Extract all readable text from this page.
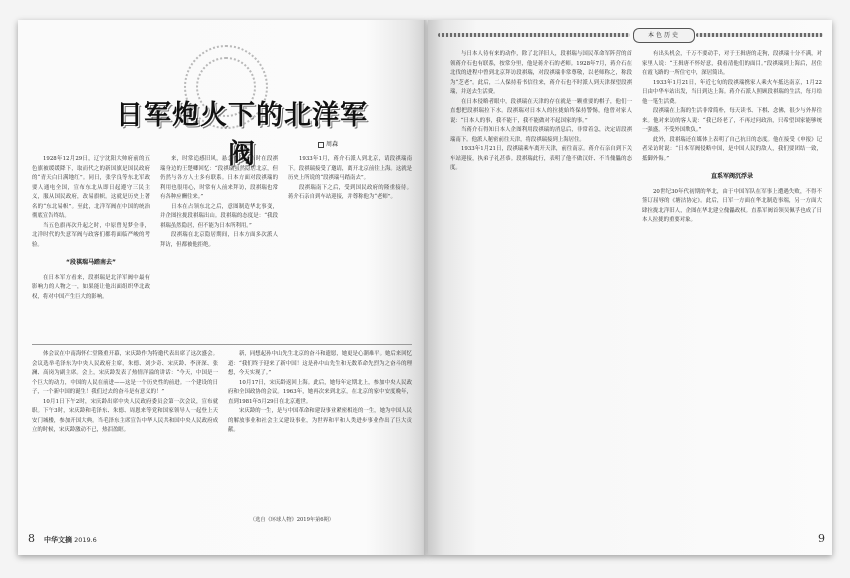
日军炮火下的北洋军阀	周森

1928年12月29日，辽宁沈阳大帅府前的五色旗被缓缓降下，取而代之的新国旗是国民政府的“青天白日满地红”。同日，张学良等东北军政要人通电全国，宣布东北从即日起遵守三民主义，服从国民政府，改易旗帜。这就是历史上著名的“东北易帜”。至此，北洋军阀在中国的统治彻底宣告终结。

当五色旗再次升起之时，中原曾见梦全非，北洋时代的失意军阀与政客们都将面临严峻的考验。

“段祺瑞马踏南去”

在日本军方看来，段祺瑞是北洋军阀中最有影响力的人物之一，如果能让他出面组织华北政权，将对中国产生巨大的影响。

来，时常追感旧风，悬念往昔。当时在段祺瑞身边的王楚卿回忆：“段祺瑞虽然隐居北京，但仍然与各方人士多有联系。日本方面对段祺瑞的利用也很用心，时常有人前来拜访，段祺瑞也常有各种应酬往来。”

日本在占领东北之后，意图制造华北事变，并企图拉拢段祺瑞出山。段祺瑞的态度是：“我段祺瑞虽然隐居，但不能为日本所利用。”

段祺瑞在北京隐居期间，日本方面多次派人拜访，但都被他拒绝。

1933年1月，蒋介石派人到北京，请段祺瑞南下。段祺瑞接受了邀请，离开北京前往上海。这就是历史上所说的“段祺瑞马踏南去”。

段祺瑞南下之后，受到国民政府的隆重接待。蒋介石亲自到车站迎接，并尊称他为“老师”。

体会议在中南海怀仁堂隆重开幕，宋庆龄作为特邀代表出席了这次盛会。会议选举毛泽东为中央人民政府主席，朱德、刘少奇、宋庆龄、李济深、张澜、高岗为副主席。会上，宋庆龄发表了热情洋溢的讲话：“今天，中国是一个巨大的动力，中国的人民在前进——这是一个历史性的前进。一个建设的日子，一个新中国的诞生！我们过去的奋斗是有意义的！”

10月1日下午2时，宋庆龄出席中央人民政府委员会第一次会议，宣布就职。下午3时，宋庆龄和毛泽东、朱德、周恩来等党和国家领导人一起登上天安门城楼，参加开国大典。当毛泽东主席宣告中华人民共和国中央人民政府成立的时候，宋庆龄激动不已，热泪盈眶。

新，同想起孙中山先生北京的奋斗和遗愿，她更是心潮难平。她后来回忆道：“我们终于迎来了新中国！这是孙中山先生和无数革命先烈为之奋斗的理想，今天实现了。”

10月17日，宋庆龄返回上海。此后，她每年定期北上，参加中央人民政府和全国政协的会议。1963年，她再次来到北京，在北京的家中安度晚年，直到1981年5月29日在北京逝世。

宋庆龄的一生，是与中国革命和建设事业紧密相连的一生，她为中国人民的解放事业和社会主义建设事业，为世界和平和人类进步事业作出了巨大贡献。

（选自《环球人物》2019年第6期）
8 中华文摘 2019.6
本色历史

与日本人待有来的动作，除了北洋旧人，段祺瑞与国民革命军阵营的首领蒋介石也有联系，按常分里，他是蒋介石的老师。1928年7月，蒋介石在北伐的进程中曾到北京拜访段祺瑞，对段祺瑞非常尊敬，以老师称之，称段为“芝老”。此后，二人保持着书信往来，蒋介石也不时派人到天津探望段祺瑞，并送去生活费。

在日本侵略者眼中，段祺瑞在天津的存在就是一颗重要的棋子，他们一直想把段祺瑞拉下水。段祺瑞对日本人的拉拢始终保持警惕，他曾对家人说：“日本人的事，我不能干，我不能做对不起国家的事。”

当蒋介石得知日本人企图利用段祺瑞的消息后，非常着急，决定请段祺瑞南下。他派人秘密前往天津，将段祺瑞接到上海居住。

1933年1月21日，段祺瑞乘车离开天津，前往南京。蒋介石亲自到下关车站迎接，执弟子礼甚恭。段祺瑞此行，表明了他不做汉奸、不当傀儡的态度。

有出头机会，千万不要动手，对于王揖唐的走狗，段祺瑞十分不满，对家里人说：“王揖唐不怀好意，我看清他们的面目。”段祺瑞到上海后，居住在霞飞路的一所住宅中，深居简出。

1933年1月21日，年近七旬的段祺瑞携家人乘火车抵达南京，1月22日由中华车站出发，当日到达上海。蒋介石派人照顾段祺瑞的生活，每月给他一笔生活费。

段祺瑞在上海的生活非常简朴，每天读书、下棋、念佛，很少与外界往来。他对来访的客人说：“我已经老了，不再过问政治，只希望国家能够统一强盛，不受外国欺负。”

此外，段祺瑞还在媒体上表明了自己抗日的态度。他在接受《申报》记者采访时说：“日本军阀侵略中国，是中国人民的敌人，我们要团结一致，抵御外侮。”

直系军阀沉浮录

20世纪30年代初期的华北，由于中国军队在军事上遭遇失败，不得不签订屈辱的《塘沽协定》。此后，日军一方面在华北制造事端，另一方面大肆拉拢北洋旧人，企图在华北建立傀儡政权。直系军阀首领吴佩孚也成了日本人拉拢的重要对象。

9
